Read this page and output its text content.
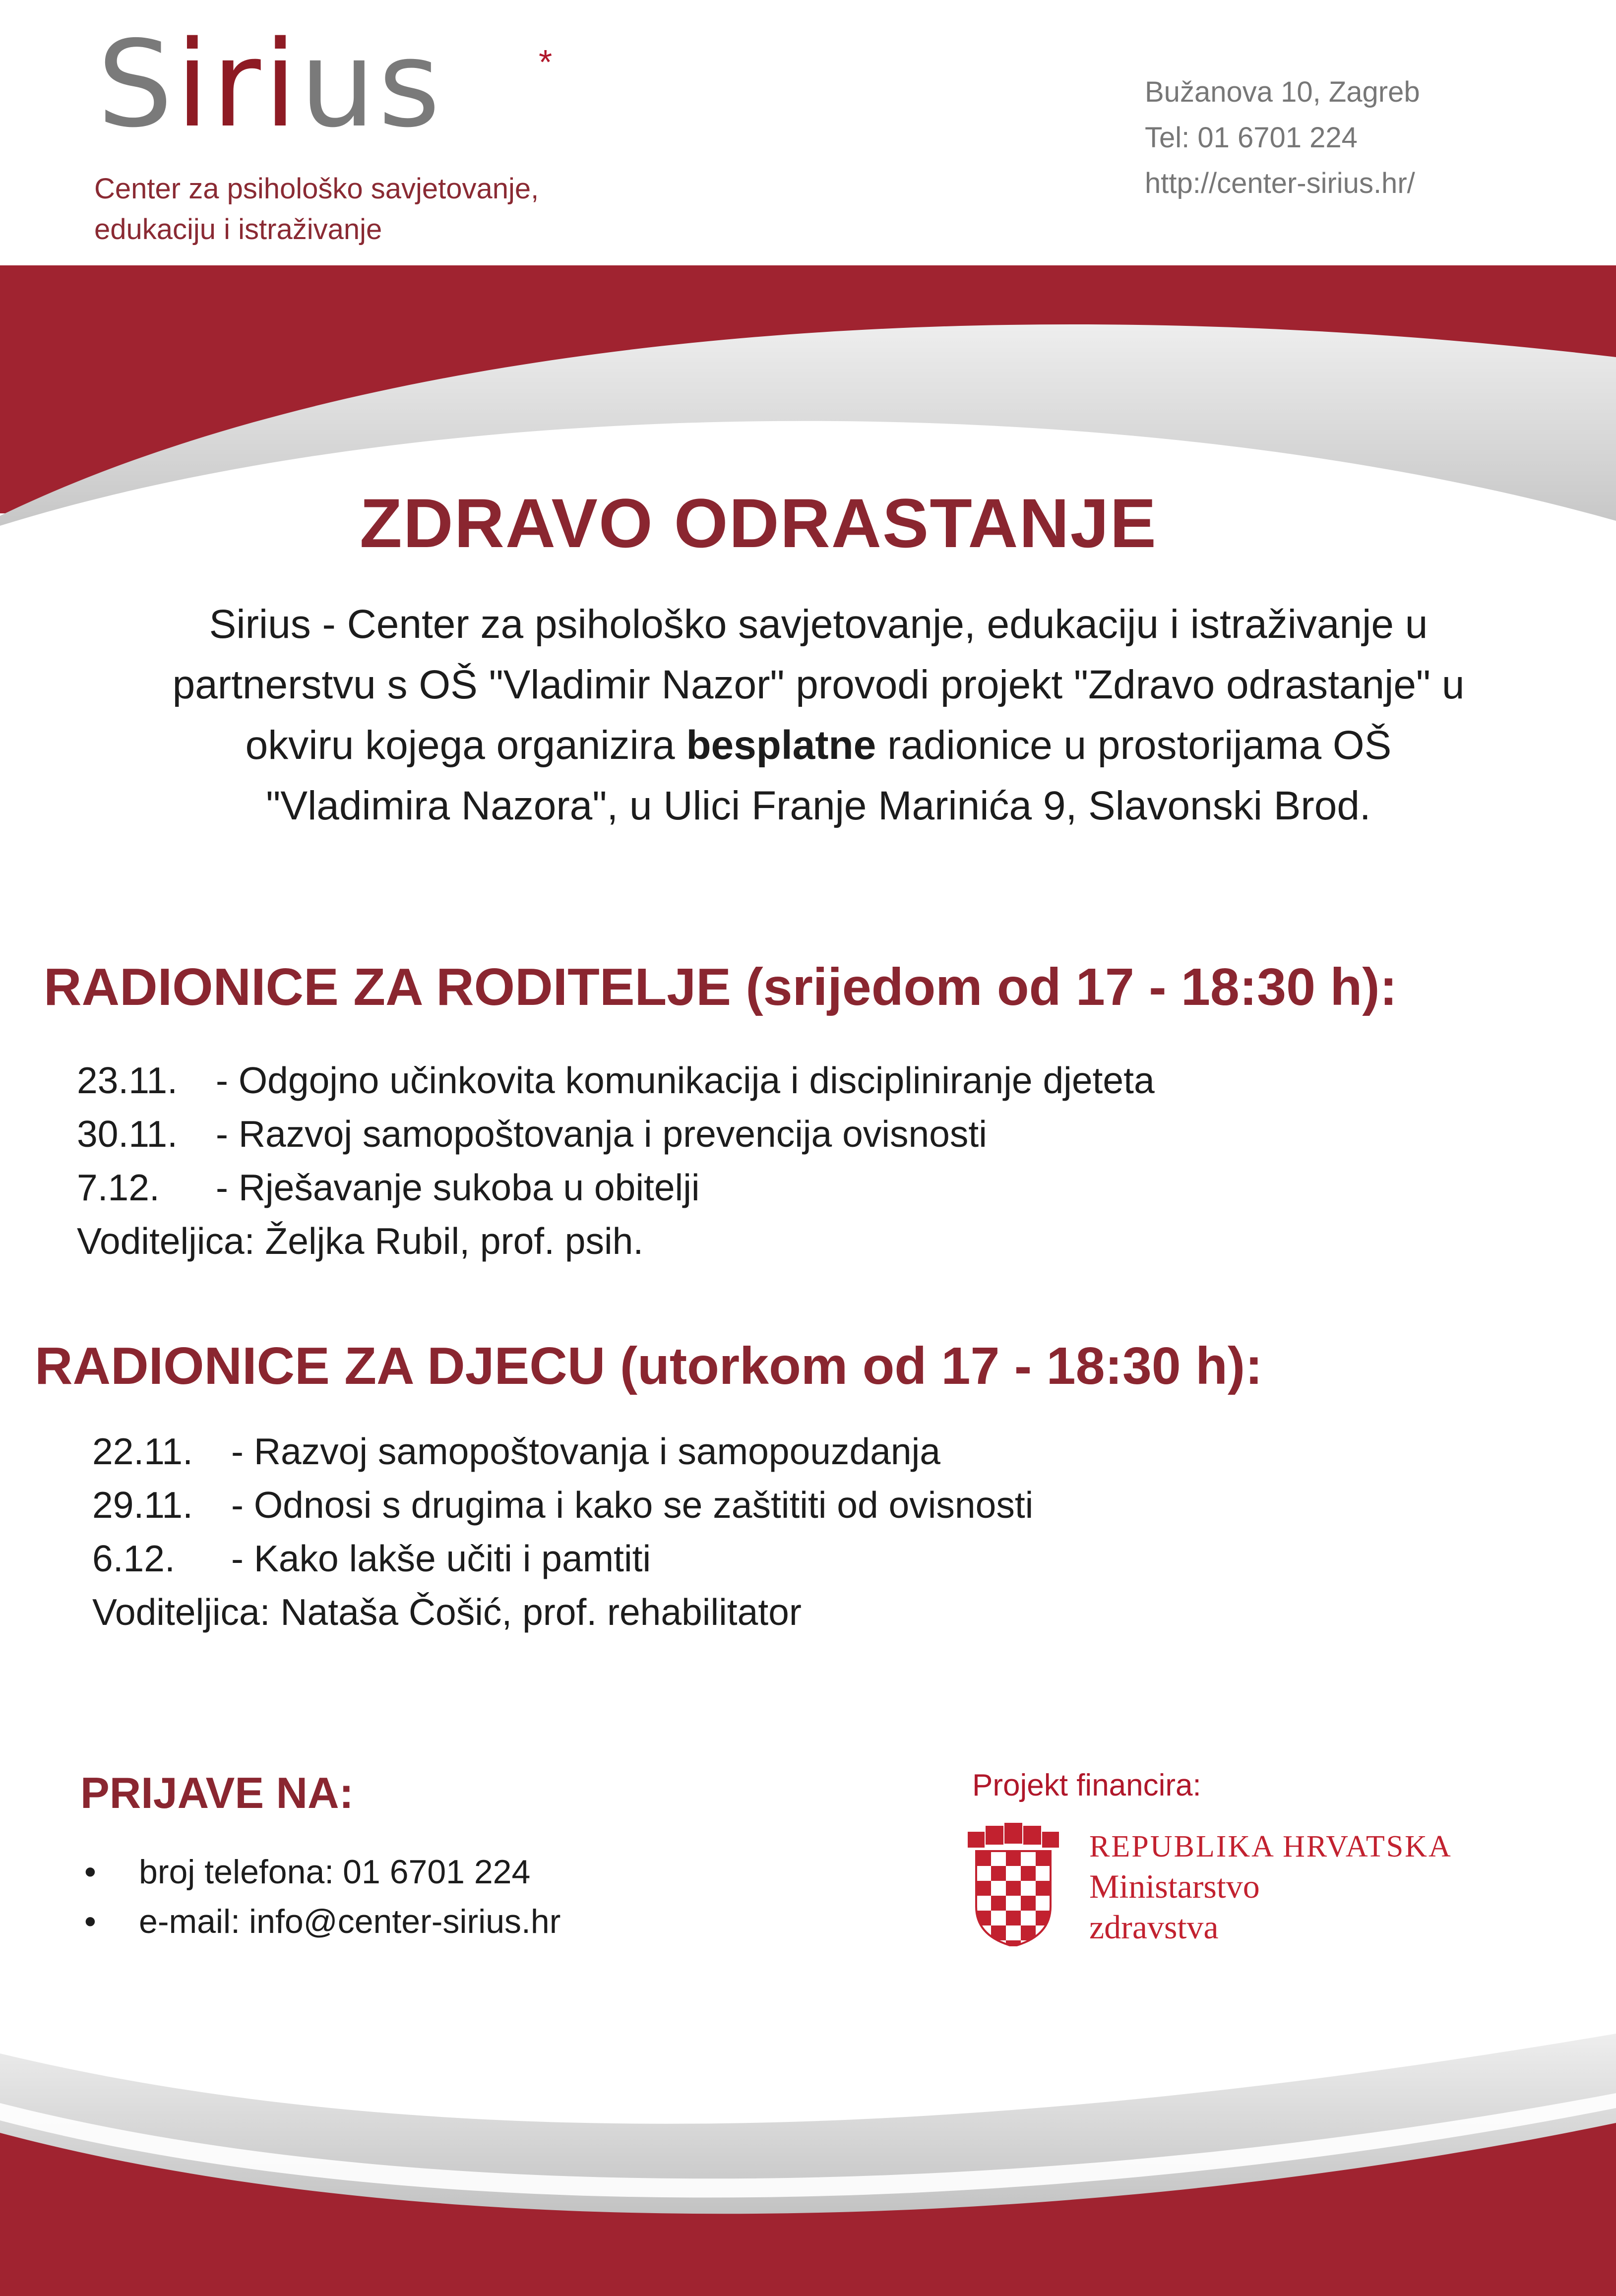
Sirius	*
Center za psihološko savjetovanje,
edukaciju i istraživanje
Bužanova 10, Zagreb
Tel: 01 6701 224
http://center-sirius.hr/
ZDRAVO ODRASTANJE
Sirius - Center za psihološko savjetovanje, edukaciju i istraživanje u partnerstvu s OŠ "Vladimir Nazor" provodi projekt "Zdravo odrastanje" u okviru kojega organizira besplatne radionice u prostorijama OŠ "Vladimira Nazora", u Ulici Franje Marinića 9, Slavonski Brod.
RADIONICE ZA RODITELJE (srijedom od 17 - 18:30 h):
23.11. - Odgojno učinkovita komunikacija i discipliniranje djeteta
30.11. - Razvoj samopoštovanja i prevencija ovisnosti
7.12. - Rješavanje sukoba u obitelji
Voditeljica: Željka Rubil, prof. psih.
RADIONICE ZA DJECU (utorkom od 17 - 18:30 h):
22.11. - Razvoj samopoštovanja i samopouzdanja
29.11. - Odnosi s drugima i kako se zaštititi od ovisnosti
6.12. - Kako lakše učiti i pamtiti
Voditeljica: Nataša Čošić, prof. rehabilitator
PRIJAVE NA:
• broj telefona: 01 6701 224
• e-mail: info@center-sirius.hr
Projekt financira:
REPUBLIKA HRVATSKA
Ministarstvo
zdravstva
